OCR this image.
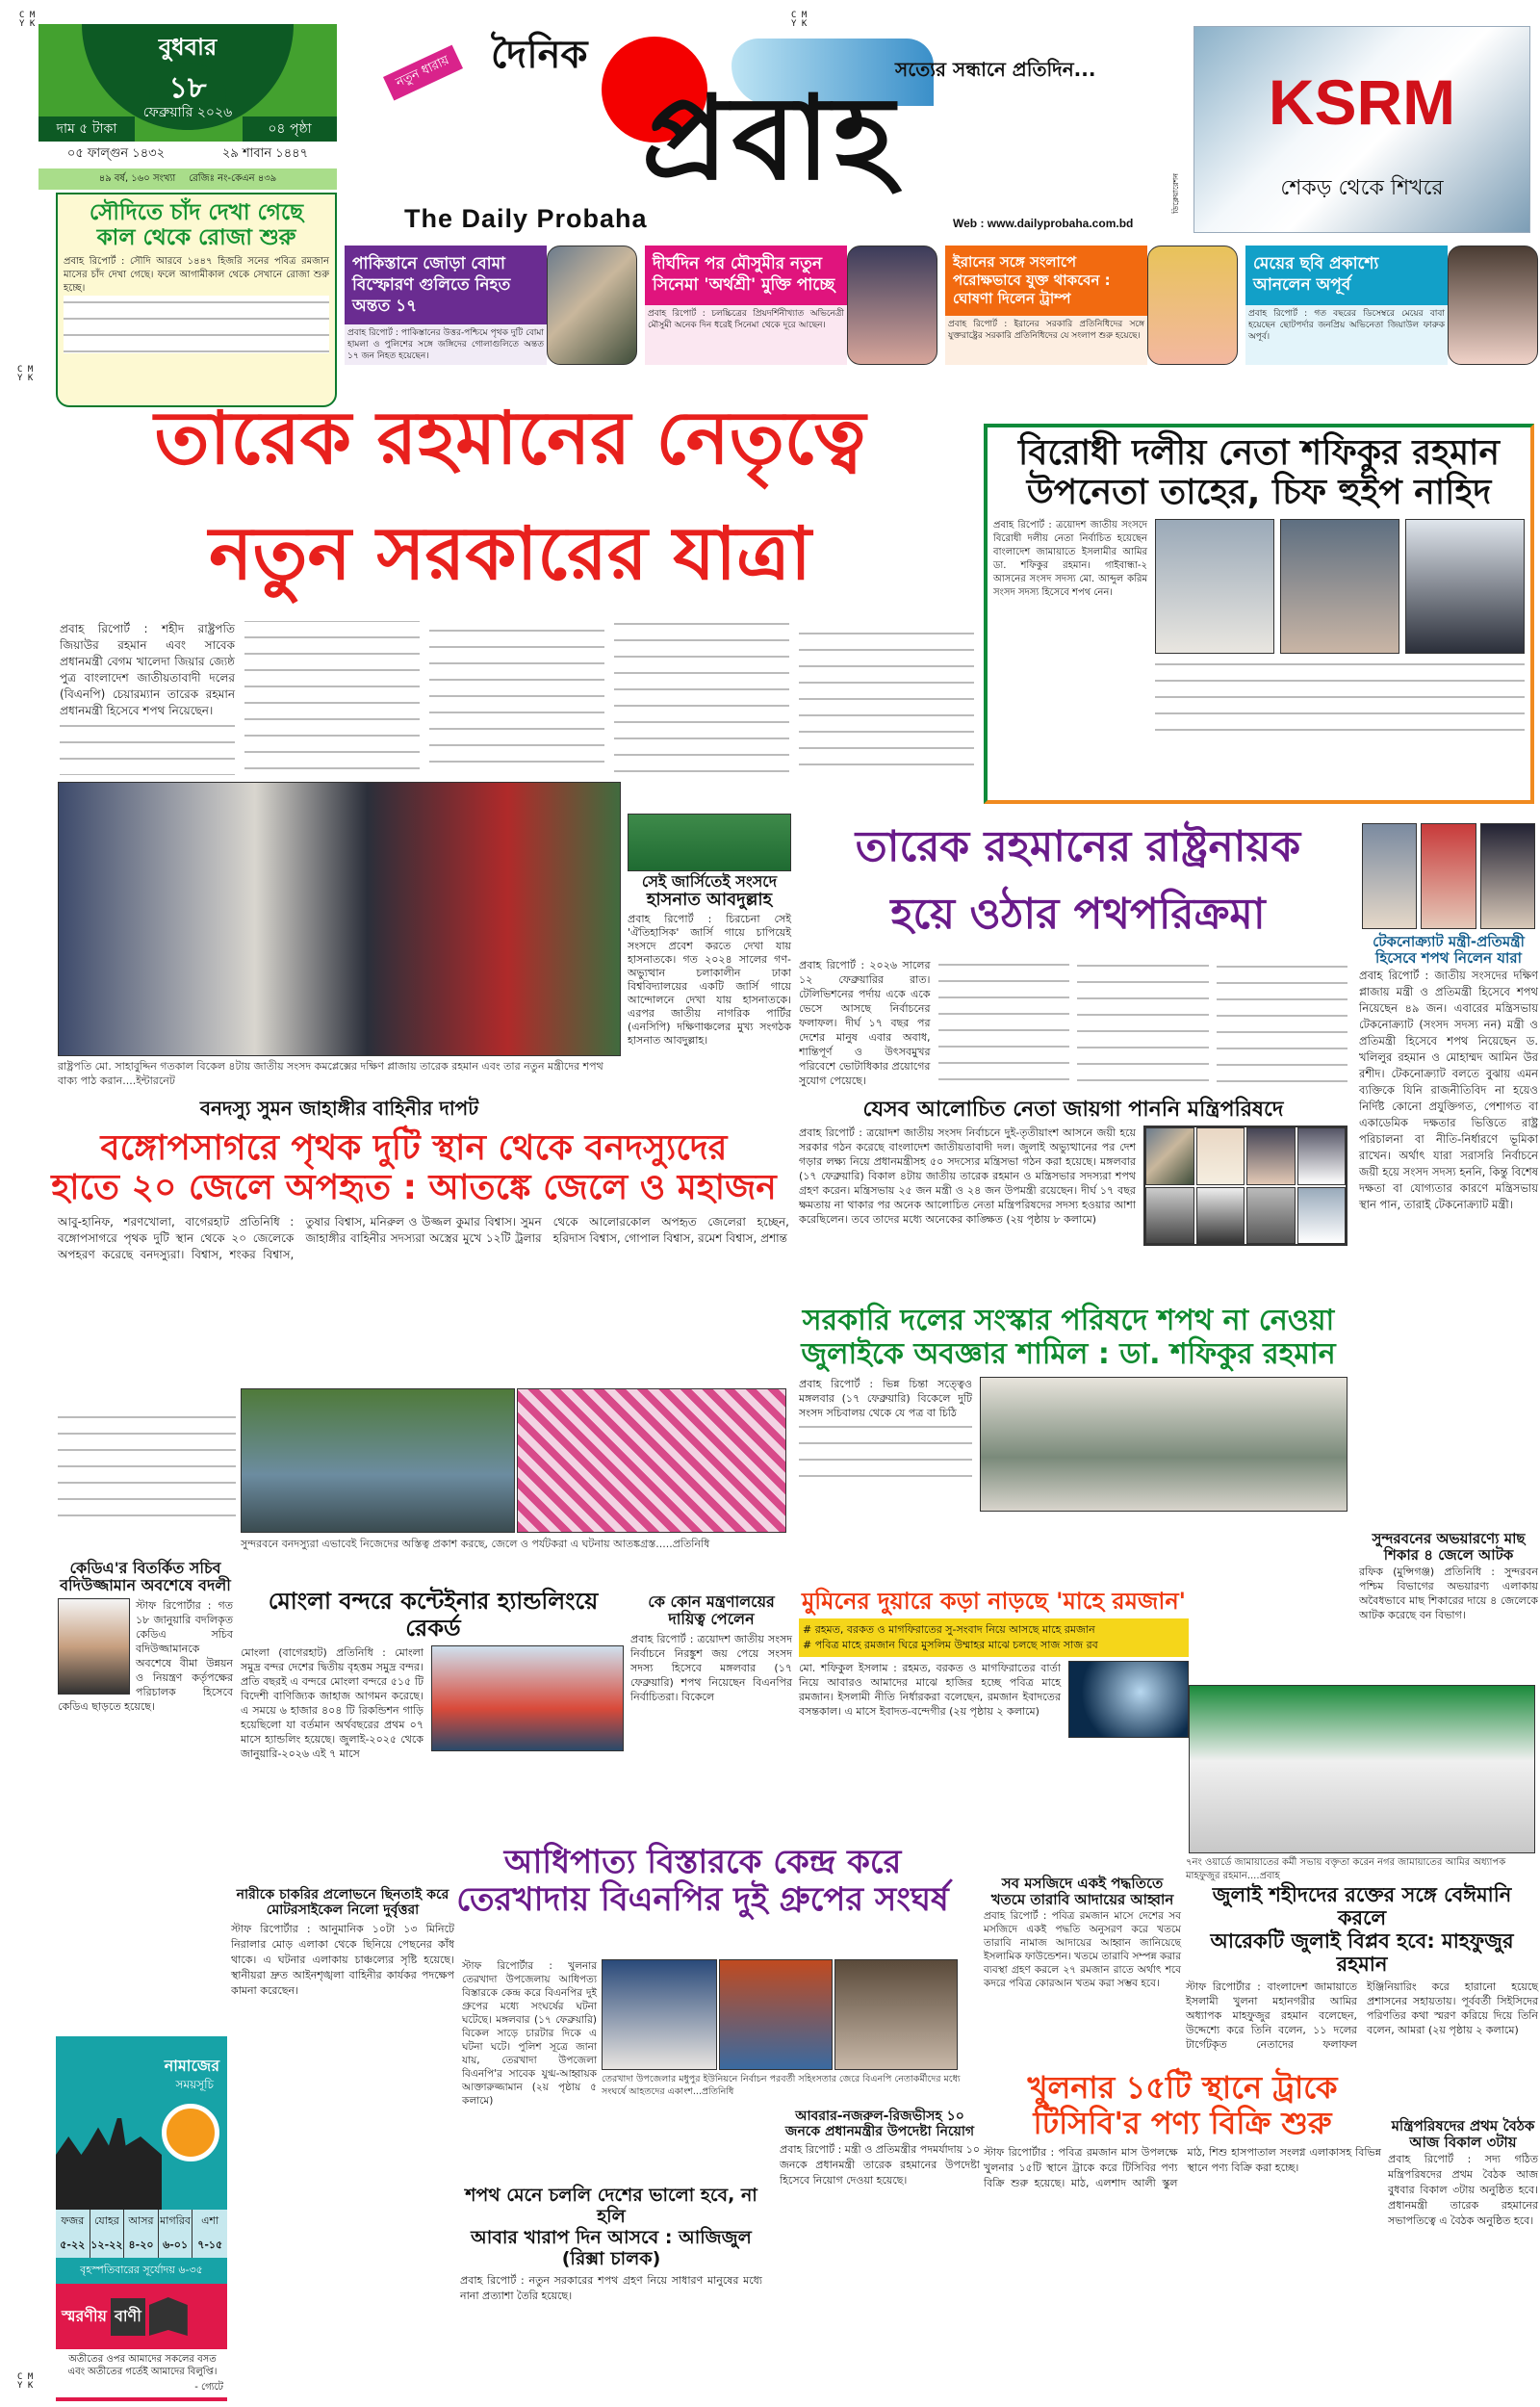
C M
Y K
C M
Y K
C M
Y K
C M
Y K
বুধবার
১৮
ফেব্রুয়ারি ২০২৬
দাম ৫ টাকা	০৪ পৃষ্ঠা
০৫ ফাল্গুন ১৪৩২	২৯ শাবান ১৪৪৭
৪৯ বর্ষ, ১৬০ সংখ্যা রেজিঃ নং-কেএন ৪৩৯
সৌদিতে চাঁদ দেখা গেছে
কাল থেকে রোজা শুরু
প্রবাহ রিপোর্ট : সৌদি আরবে ১৪৪৭ হিজরি সনের পবিত্র রমজান মাসের চাঁদ দেখা গেছে। ফলে আগামীকাল থেকে সেখানে রোজা শুরু হচ্ছে।
নতুন ধারায়	দৈনিক	সত্যের সন্ধানে প্রতিদিন...
প্রবাহ
The Daily Probaha	Web : www.dailyprobaha.com.bd
ডিক্লেয়ারেশন
KSRM
শেকড় থেকে শিখরে
পাকিস্তানে জোড়া বোমা বিস্ফোরণ গুলিতে নিহত অন্তত ১৭
প্রবাহ রিপোর্ট : পাকিস্তানের উত্তর-পশ্চিমে পৃথক দুটি বোমা হামলা ও পুলিশের সঙ্গে জঙ্গিদের গোলাগুলিতে অন্তত ১৭ জন নিহত হয়েছেন।
দীর্ঘদিন পর মৌসুমীর নতুন সিনেমা 'অর্থশ্রী' মুক্তি পাচ্ছে
প্রবাহ রিপোর্ট : চলচ্চিত্রের প্রিয়দর্শিনীখ্যাত অভিনেত্রী মৌসুমী অনেক দিন ধরেই সিনেমা থেকে দূরে আছেন।
ইরানের সঙ্গে সংলাপে পরোক্ষভাবে যুক্ত থাকবেন : ঘোষণা দিলেন ট্রাম্প
প্রবাহ রিপোর্ট : ইরানের সরকারি প্রতিনিধিদের সঙ্গে যুক্তরাষ্ট্রের সরকারি প্রতিনিধিদের যে সংলাপ শুরু হয়েছে।
মেয়ের ছবি প্রকাশ্যে আনলেন অপূর্ব
প্রবাহ রিপোর্ট : গত বছরের ডিসেম্বরে মেয়ের বাবা হয়েছেন ছোটপর্দার জনপ্রিয় অভিনেতা জিয়াউল ফারুক অপূর্ব।
তারেক রহমানের নেতৃত্বে
নতুন সরকারের যাত্রা
প্রবাহ রিপোর্ট : শহীদ রাষ্ট্রপতি জিয়াউর রহমান এবং সাবেক প্রধানমন্ত্রী বেগম খালেদা জিয়ার জ্যেষ্ঠ পুত্র বাংলাদেশ জাতীয়তাবাদী দলের (বিএনপি) চেয়ারম্যান তারেক রহমান প্রধানমন্ত্রী হিসেবে শপথ নিয়েছেন।
রাষ্ট্রপতি মো. সাহাবুদ্দিন গতকাল বিকেল ৪টায় জাতীয় সংসদ কমপ্লেক্সের দক্ষিণ প্লাজায় তারেক রহমান এবং তার নতুন মন্ত্রীদের শপথ বাক্য পাঠ করান....ইন্টারনেট
বিরোধী দলীয় নেতা শফিকুর রহমান
উপনেতা তাহের, চিফ হুইপ নাহিদ
প্রবাহ রিপোর্ট : ত্রয়োদশ জাতীয় সংসদে বিরোধী দলীয় নেতা নির্বাচিত হয়েছেন বাংলাদেশ জামায়াতে ইসলামীর আমির ডা. শফিকুর রহমান। গাইবান্ধা-২ আসনের সংসদ সদস্য মো. আব্দুল করিম সংসদ সদস্য হিসেবে শপথ নেন।
সেই জার্সিতেই সংসদে
হাসনাত আবদুল্লাহ
প্রবাহ রিপোর্ট : চিরচেনা সেই 'ঐতিহাসিক' জার্সি গায়ে চাপিয়েই সংসদে প্রবেশ করতে দেখা যায় হাসনাতকে। গত ২০২৪ সালের গণ-অভ্যুত্থান চলাকালীন ঢাকা বিশ্ববিদ্যালয়ের একটি জার্সি গায়ে আন্দোলনে দেখা যায় হাসনাতকে। এরপর জাতীয় নাগরিক পার্টির (এনসিপি) দক্ষিণাঞ্চলের মুখ্য সংগঠক হাসনাত আবদুল্লাহ।
তারেক রহমানের রাষ্ট্রনায়ক
হয়ে ওঠার পথপরিক্রমা
প্রবাহ রিপোর্ট : ২০২৬ সালের ১২ ফেব্রুয়ারির রাত। টেলিভিশনের পর্দায় একে একে ভেসে আসছে নির্বাচনের ফলাফল। দীর্ঘ ১৭ বছর পর দেশের মানুষ এবার অবাধ, শান্তিপূর্ণ ও উৎসবমুখর পরিবেশে ভোটাধিকার প্রয়োগের সুযোগ পেয়েছে।
টেকনোক্র্যাট মন্ত্রী-প্রতিমন্ত্রী
হিসেবে শপথ নিলেন যারা
প্রবাহ রিপোর্ট : জাতীয় সংসদের দক্ষিণ প্লাজায় মন্ত্রী ও প্রতিমন্ত্রী হিসেবে শপথ নিয়েছেন ৪৯ জন। এবারের মন্ত্রিসভায় টেকনোক্র্যাট (সংসদ সদস্য নন) মন্ত্রী ও প্রতিমন্ত্রী হিসেবে শপথ নিয়েছেন ড. খলিলুর রহমান ও মোহাম্মদ আমিন উর রশীদ। টেকনোক্র্যাট বলতে বুঝায় এমন ব্যক্তিকে যিনি রাজনীতিবিদ না হয়েও নির্দিষ্ট কোনো প্রযুক্তিগত, পেশাগত বা একাডেমিক দক্ষতার ভিত্তিতে রাষ্ট্র পরিচালনা বা নীতি-নির্ধারণে ভূমিকা রাখেন। অর্থাৎ যারা সরাসরি নির্বাচনে জয়ী হয়ে সংসদ সদস্য হননি, কিন্তু বিশেষ দক্ষতা বা যোগ্যতার কারণে মন্ত্রিসভায় স্থান পান, তারাই টেকনোক্র্যাট মন্ত্রী।
বনদস্যু সুমন জাহাঙ্গীর বাহিনীর দাপট
বঙ্গোপসাগরে পৃথক দুটি স্থান থেকে বনদস্যুদের
হাতে ২০ জেলে অপহৃত : আতঙ্কে জেলে ও মহাজন
আবু-হানিফ, শরণখোলা, বাগেরহাট প্রতিনিধি : বঙ্গোপসাগরে পৃথক দুটি স্থান থেকে ২০ জেলেকে অপহরণ করেছে বনদস্যুরা। বিশ্বাস, শংকর বিশ্বাস, তুষার বিশ্বাস, মনিরুল ও উজ্জল কুমার বিশ্বাস। সুমন জাহাঙ্গীর বাহিনীর সদস্যরা অস্ত্রের মুখে ১২টি ট্রলার থেকে আলোরকোল অপহৃত জেলেরা হচ্ছেন, হরিদাস বিশ্বাস, গোপাল বিশ্বাস, রমেশ বিশ্বাস, প্রশান্ত
সুন্দরবনে বনদস্যুরা এভাবেই নিজেদের অস্তিত্ব প্রকাশ করছে, জেলে ও পর্যটকরা এ ঘটনায় আতঙ্কগ্রস্ত.....প্রতিনিধি
যেসব আলোচিত নেতা জায়গা পাননি মন্ত্রিপরিষদে
প্রবাহ রিপোর্ট : ত্রয়োদশ জাতীয় সংসদ নির্বাচনে দুই-তৃতীয়াংশ আসনে জয়ী হয়ে সরকার গঠন করেছে বাংলাদেশ জাতীয়তাবাদী দল। জুলাই অভ্যুত্থানের পর দেশ গড়ার লক্ষ্য নিয়ে প্রধানমন্ত্রীসহ ৫০ সদস্যের মন্ত্রিসভা গঠন করা হয়েছে। মঙ্গলবার (১৭ ফেব্রুয়ারি) বিকাল ৪টায় জাতীয় তারেক রহমান ও মন্ত্রিসভার সদস্যরা শপথ গ্রহণ করেন। মন্ত্রিসভায় ২৫ জন মন্ত্রী ও ২৪ জন উপমন্ত্রী রয়েছেন। দীর্ঘ ১৭ বছর ক্ষমতায় না থাকার পর অনেক আলোচিত নেতা মন্ত্রিপরিষদের সদস্য হওয়ার আশা করেছিলেন। তবে তাদের মধ্যে অনেকের কাঙ্ক্ষিত (২য় পৃষ্ঠায় ৮ কলামে)
সরকারি দলের সংস্কার পরিষদে শপথ না নেওয়া
জুলাইকে অবজ্ঞার শামিল : ডা. শফিকুর রহমান
প্রবাহ রিপোর্ট : ভিন্ন চিন্তা সত্ত্বেও মঙ্গলবার (১৭ ফেব্রুয়ারি) বিকেলে দুটি সংসদ সচিবালয় থেকে যে পত্র বা চিঠি
সুন্দরবনের অভয়ারণ্যে মাছ
শিকার ৪ জেলে আটক
রফিক (মুন্সিগঞ্জ) প্রতিনিধি : সুন্দরবন পশ্চিম বিভাগের অভয়ারণ্য এলাকায় অবৈধভাবে মাছ শিকারের দায়ে ৪ জেলেকে আটক করেছে বন বিভাগ।
কেডিএ'র বিতর্কিত সচিব
বদিউজ্জামান অবশেষে বদলী
স্টাফ রিপোর্টার : গত ১৮ জানুয়ারি বদলিকৃত কেডিএ সচিব বদিউজ্জামানকে অবশেষে বীমা উন্নয়ন ও নিয়ন্ত্রণ কর্তৃপক্ষের পরিচালক হিসেবে কেডিএ ছাড়তে হয়েছে।
মোংলা বন্দরে কন্টেইনার হ্যান্ডলিংয়ে রেকর্ড
মোংলা (বাগেরহাট) প্রতিনিধি : মোংলা সমুদ্র বন্দর দেশের দ্বিতীয় বৃহত্তম সমুদ্র বন্দর। প্রতি বছরই এ বন্দরে মোংলা বন্দরে ৫১৫ টি বিদেশী বাণিজ্যিক জাহাজ আগমন করেছে। এ সময়ে ৬ হাজার ৪০৪ টি রিকন্ডিশন গাড়ি হয়েছিলো যা বর্তমান অর্থবছরের প্রথম ০৭ মাসে হ্যান্ডলিং হয়েছে। জুলাই-২০২৫ থেকে জানুয়ারি-২০২৬ এই ৭ মাসে
কে কোন মন্ত্রণালয়ের
দায়িত্ব পেলেন
প্রবাহ রিপোর্ট : ত্রয়োদশ জাতীয় সংসদ নির্বাচনে নিরঙ্কুশ জয় পেয়ে সংসদ সদস্য হিসেবে মঙ্গলবার (১৭ ফেব্রুয়ারি) শপথ নিয়েছেন বিএনপির নির্বাচিতরা। বিকেলে
মুমিনের দুয়ারে কড়া নাড়ছে 'মাহে রমজান'
# রহমত, বরকত ও মাগফিরাতের সু-সংবাদ নিয়ে আসছে মাহে রমজান
# পবিত্র মাহে রমজান ঘিরে মুসলিম উম্মাহর মাঝে চলছে সাজ সাজ রব
মো. শফিকুল ইসলাম : রহমত, বরকত ও মাগফিরাতের বার্তা নিয়ে আবারও আমাদের মাঝে হাজির হচ্ছে পবিত্র মাহে রমজান। ইসলামী নীতি নির্ধারকরা বলেছেন, রমজান ইবাদতের বসন্তকাল। এ মাসে ইবাদত-বন্দেগীর (২য় পৃষ্ঠায় ২ কলামে)
৭নং ওয়ার্ডে জামায়াতের কর্মী সভায় বক্তৃতা করেন নগর জামায়াতের আমির অধ্যাপক মাহফুজুর রহমান....প্রবাহ
জুলাই শহীদদের রক্তের সঙ্গে বেঈমানি করলে
আরেকটি জুলাই বিপ্লব হবে: মাহফুজুর রহমান
স্টাফ রিপোর্টার : বাংলাদেশ জামায়াতে ইসলামী খুলনা মহানগরীর আমির অধ্যাপক মাহফুজুর রহমান বলেছেন, উদ্দেশ্যে করে তিনি বলেন, ১১ দলের টার্গেটকৃত নেতাদের ফলাফল ইঞ্জিনিয়ারিং করে হারানো হয়েছে প্রশাসনের সহায়তায়। পূর্ববর্তী সিইসিদের পরিণতির কথা স্মরণ করিয়ে দিয়ে তিনি বলেন, আমরা (২য় পৃষ্ঠায় ২ কলামে)
সব মসজিদে একই পদ্ধতিতে
খতমে তারাবি আদায়ের আহ্বান
প্রবাহ রিপোর্ট : পবিত্র রমজান মাসে দেশের সব মসজিদে একই পদ্ধতি অনুসরণ করে খতমে তারাবি নামাজ আদায়ের আহ্বান জানিয়েছে ইসলামিক ফাউন্ডেশন। খতমে তারাবি সম্পন্ন করার ব্যবস্থা গ্রহণ করলে ২৭ রমজান রাতে অর্থাৎ শবে কদরে পবিত্র কোরআন খতম করা সম্ভব হবে।
আধিপাত্য বিস্তারকে কেন্দ্র করে
তেরখাদায় বিএনপির দুই গ্রুপের সংঘর্ষ
স্টাফ রিপোর্টার : খুলনার তেরখাদা উপজেলায় আধিপত্য বিস্তারকে কেন্দ্র করে বিএনপির দুই গ্রুপের মধ্যে সংঘর্ষের ঘটনা ঘটেছে। মঙ্গলবার (১৭ ফেব্রুয়ারি) বিকেল সাড়ে চারটার দিকে এ ঘটনা ঘটে। পুলিশ সূত্রে জানা যায়, তেরখাদা উপজেলা বিএনপি'র সাবেক যুগ্ম-আহ্বায়ক আক্তারুজ্জামান (২য় পৃষ্ঠায় ৫ কলামে)
তেরখাদা উপজেলার মধুপুর ইউনিয়নে নির্বাচন পরবর্তী সহিংসতার জেরে বিএনপি নেতাকর্মীদের মধ্যে সংঘর্ষে আহতদের একাংশ...প্রতিনিধি
নারীকে চাকরির প্রলোভনে ছিনতাই করে মোটরসাইকেল নিলো দুর্বৃত্তরা
স্টাফ রিপোর্টার : আনুমানিক ১০টা ১৩ মিনিটে নিরালার মোড় এলাকা থেকে ছিনিয়ে পেছনের কাঁধ থাকে। এ ঘটনার এলাকায় চাঞ্চল্যের সৃষ্টি হয়েছে। স্থানীয়রা দ্রুত আইনশৃঙ্খলা বাহিনীর কার্যকর পদক্ষেপ কামনা করেছেন।
শপথ মেনে চললি দেশের ভালো হবে, না হলি
আবার খারাপ দিন আসবে : আজিজুল (রিক্সা চালক)
প্রবাহ রিপোর্ট : নতুন সরকারের শপথ গ্রহণ নিয়ে সাধারণ মানুষের মধ্যে নানা প্রত্যাশা তৈরি হয়েছে।
আবরার-নজরুল-রিজভীসহ ১০
জনকে প্রধানমন্ত্রীর উপদেষ্টা নিয়োগ
প্রবাহ রিপোর্ট : মন্ত্রী ও প্রতিমন্ত্রীর পদমর্যাদায় ১০ জনকে প্রধানমন্ত্রী তারেক রহমানের উপদেষ্টা হিসেবে নিয়োগ দেওয়া হয়েছে।
খুলনার ১৫টি স্থানে ট্রাকে
টিসিবি'র পণ্য বিক্রি শুরু
স্টাফ রিপোর্টার : পবিত্র রমজান মাস উপলক্ষে খুলনার ১৫টি স্থানে ট্রাকে করে টিসিবির পণ্য বিক্রি শুরু হয়েছে। মাঠ, এলশাদ আলী স্কুল মাঠ, শিশু হাসপাতাল সংলগ্ন এলাকাসহ বিভিন্ন স্থানে পণ্য বিক্রি করা হচ্ছে।
মন্ত্রিপরিষদের প্রথম বৈঠক
আজ বিকাল ৩টায়
প্রবাহ রিপোর্ট : সদ্য গঠিত মন্ত্রিপরিষদের প্রথম বৈঠক আজ বুধবার বিকাল ৩টায় অনুষ্ঠিত হবে। প্রধানমন্ত্রী তারেক রহমানের সভাপতিত্বে এ বৈঠক অনুষ্ঠিত হবে।
নামাজের
সময়সূচি
ফজর যোহর আসর মাগরিব	এশা
৫-২২ ১২-২২ ৪-২০ ৬-০১ ৭-১৫
বৃহস্পতিবারের সূর্যোদয় ৬-৩৫
স্মরণীয় বাণী
অতীতের ওপর আমাদের সকলের বসত এবং অতীতের গর্তেই আমাদের বিলুপ্তি।
- গ্যেটে
